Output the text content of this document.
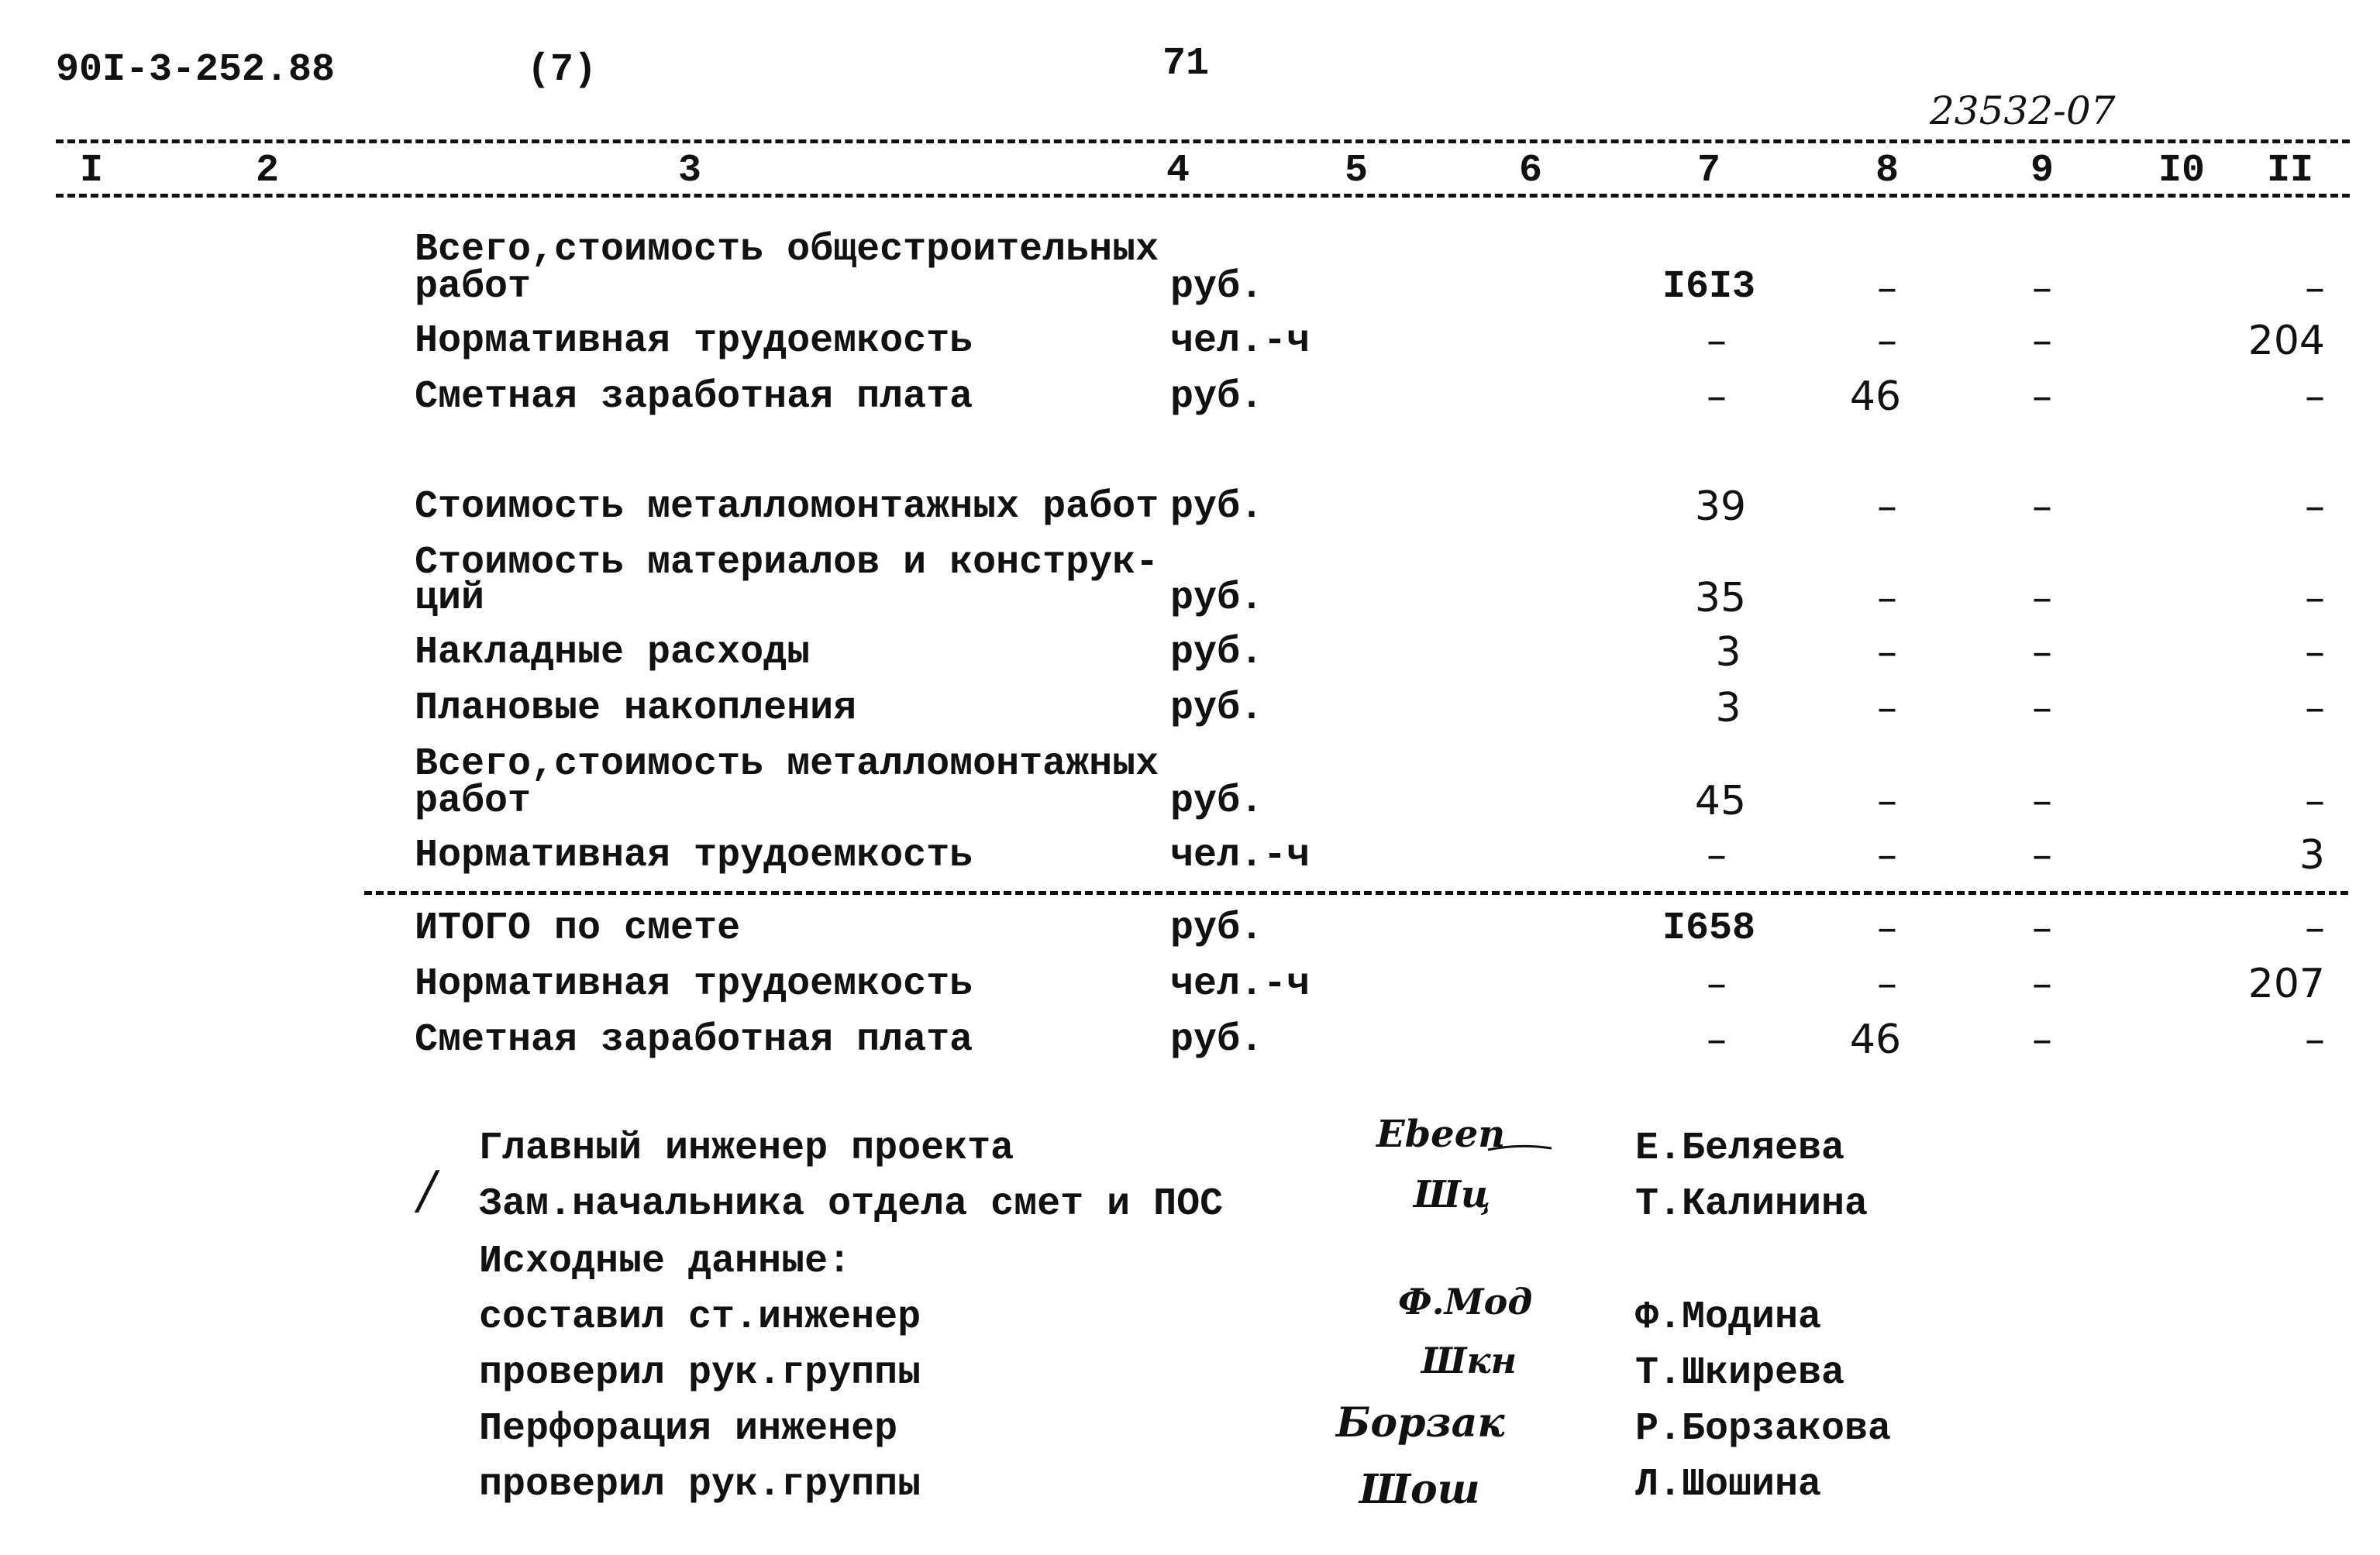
90I-3-252.88	(7)	71
23532-07
I	2	3	4	5	6	7	8	9	I0 II
Всего,стоимость общестроительных
работ	руб.	I6I3	–	–	–
Нормативная трудоемкость	чел.-ч	–	–	–	204
Сметная заработная плата	руб.	–	46	–	–
Стоимость металломонтажных работ руб.	39	–	–	–
Стоимость материалов и конструк-
ций	руб.	35	–	–	–
Накладные расходы	руб.	3	–	–	–
Плановые накопления	руб.	3	–	–	–
Всего,стоимость металломонтажных
работ	руб.	45	–	–	–
Нормативная трудоемкость	чел.-ч	–	–	–	3
ИТОГО по смете	руб.	I658	–	–	–
Нормативная трудоемкость	чел.-ч	–	–	–	207
Сметная заработная плата	руб.	–	46	–	–
/
Главный инженер проекта	Е.Беляева
Ebeen
Зам.начальника отдела смет и ПОС	Т.Калинина
Шц
Исходные данные:
составил ст.инженер	Ф.Модина
Ф.Мод
проверил рук.группы	Т.Шкирева
Шкн
Перфорация инженер	Р.Борзакова
Борзак
проверил рук.группы	Л.Шошина
Шош
